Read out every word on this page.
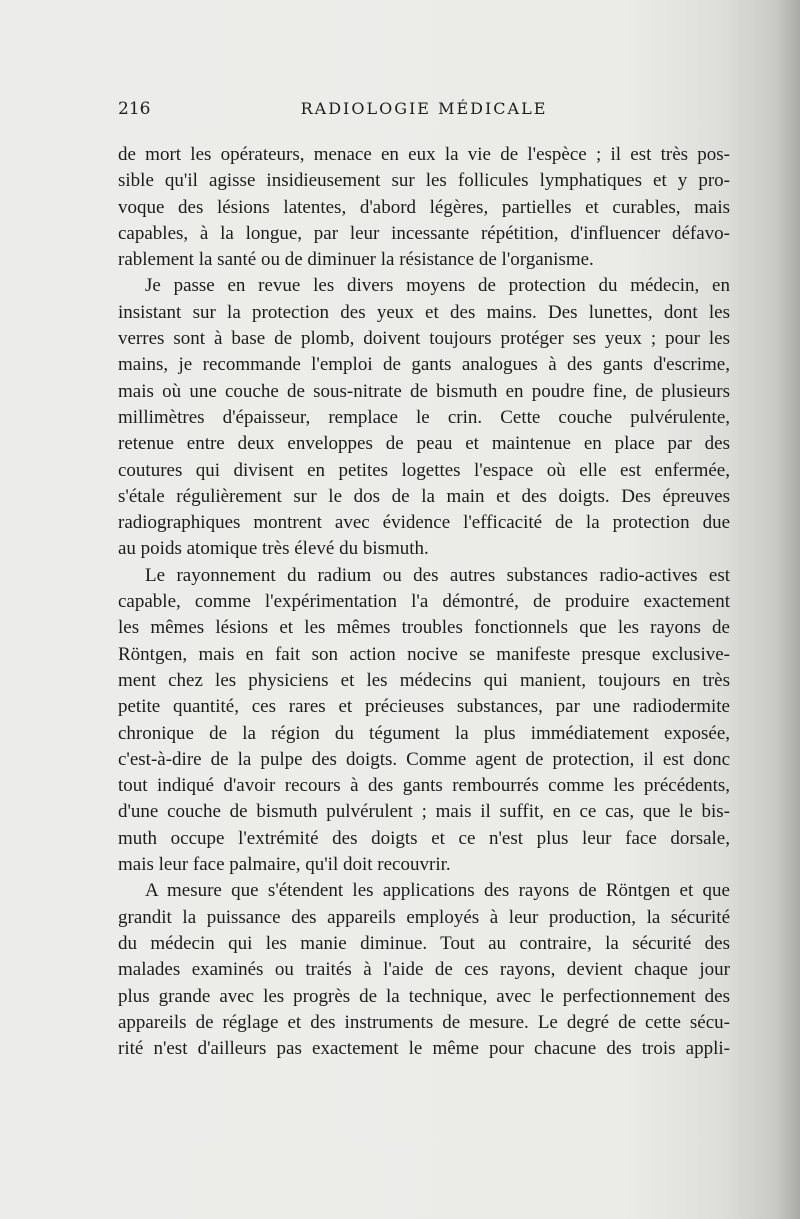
216	RADIOLOGIE MÉDICALE
de mort les opérateurs, menace en eux la vie de l'espèce ; il est très pos-
sible qu'il agisse insidieusement sur les follicules lymphatiques et y pro-
voque des lésions latentes, d'abord légères, partielles et curables, mais
capables, à la longue, par leur incessante répétition, d'influencer défavo-
rablement la santé ou de diminuer la résistance de l'organisme.
Je passe en revue les divers moyens de protection du médecin, en
insistant sur la protection des yeux et des mains. Des lunettes, dont les
verres sont à base de plomb, doivent toujours protéger ses yeux ; pour les
mains, je recommande l'emploi de gants analogues à des gants d'escrime,
mais où une couche de sous-nitrate de bismuth en poudre fine, de plusieurs
millimètres d'épaisseur, remplace le crin. Cette couche pulvérulente,
retenue entre deux enveloppes de peau et maintenue en place par des
coutures qui divisent en petites logettes l'espace où elle est enfermée,
s'étale régulièrement sur le dos de la main et des doigts. Des épreuves
radiographiques montrent avec évidence l'efficacité de la protection due
au poids atomique très élevé du bismuth.
Le rayonnement du radium ou des autres substances radio-actives est
capable, comme l'expérimentation l'a démontré, de produire exactement
les mêmes lésions et les mêmes troubles fonctionnels que les rayons de
Röntgen, mais en fait son action nocive se manifeste presque exclusive-
ment chez les physiciens et les médecins qui manient, toujours en très
petite quantité, ces rares et précieuses substances, par une radiodermite
chronique de la région du tégument la plus immédiatement exposée,
c'est-à-dire de la pulpe des doigts. Comme agent de protection, il est donc
tout indiqué d'avoir recours à des gants rembourrés comme les précédents,
d'une couche de bismuth pulvérulent ; mais il suffit, en ce cas, que le bis-
muth occupe l'extrémité des doigts et ce n'est plus leur face dorsale,
mais leur face palmaire, qu'il doit recouvrir.
A mesure que s'étendent les applications des rayons de Röntgen et que
grandit la puissance des appareils employés à leur production, la sécurité
du médecin qui les manie diminue. Tout au contraire, la sécurité des
malades examinés ou traités à l'aide de ces rayons, devient chaque jour
plus grande avec les progrès de la technique, avec le perfectionnement des
appareils de réglage et des instruments de mesure. Le degré de cette sécu-
rité n'est d'ailleurs pas exactement le même pour chacune des trois appli-
